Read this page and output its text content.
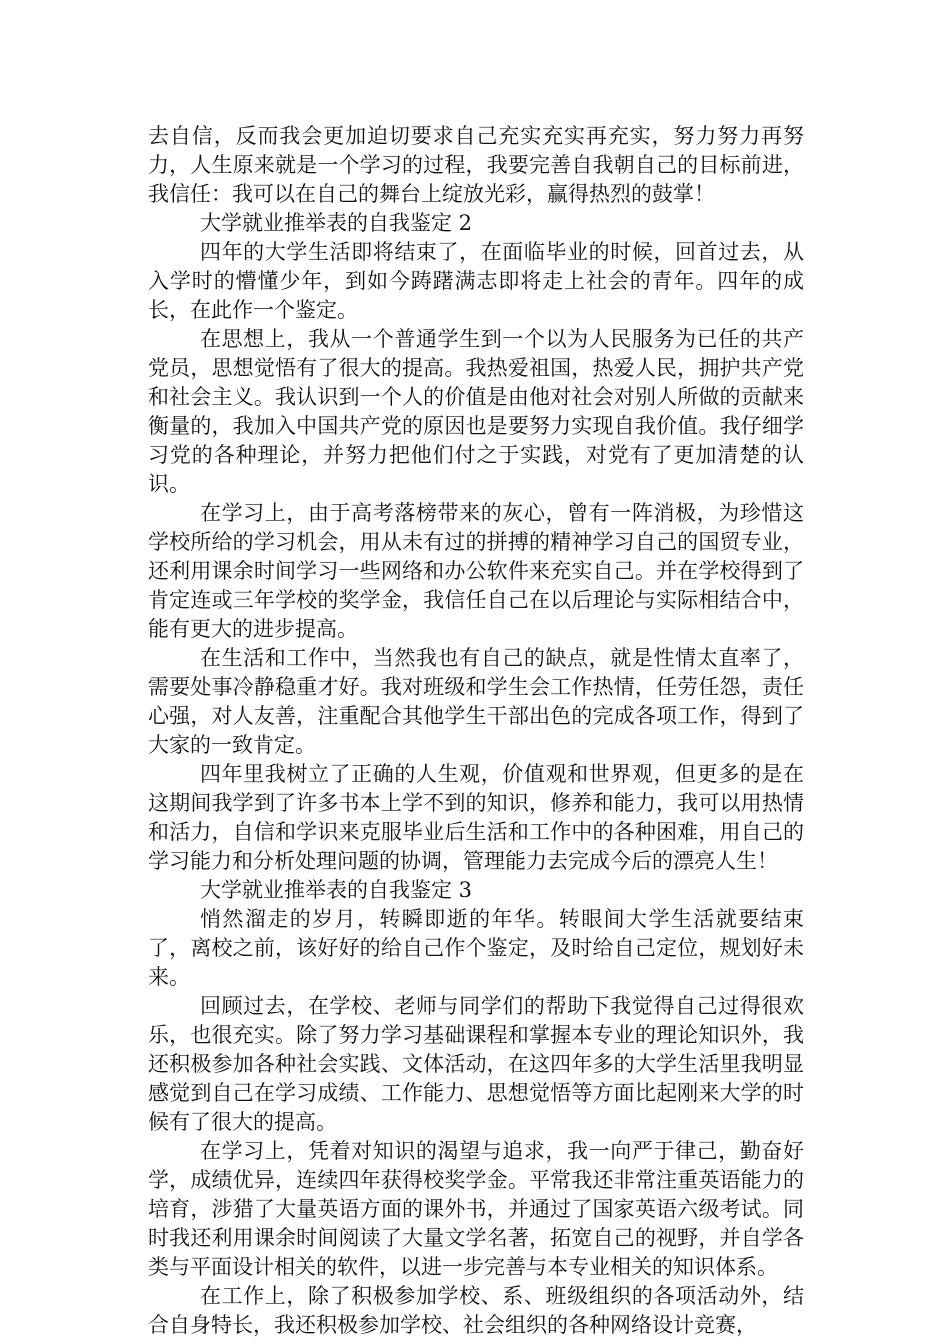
去自信，反而我会更加迫切要求自己充实充实再充实，努力努力再努力，人生原来就是一个学习的过程，我要完善自我朝自己的目标前进，我信任：我可以在自己的舞台上绽放光彩，赢得热烈的鼓掌！

大学就业推举表的自我鉴定 2

四年的大学生活即将结束了，在面临毕业的时候，回首过去，从入学时的懵懂少年，到如今踌躇满志即将走上社会的青年。四年的成长，在此作一个鉴定。

在思想上，我从一个普通学生到一个以为人民服务为已任的共产党员，思想觉悟有了很大的提高。我热爱祖国，热爱人民，拥护共产党和社会主义。我认识到一个人的价值是由他对社会对别人所做的贡献来衡量的，我加入中国共产党的原因也是要努力实现自我价值。我仔细学习党的各种理论，并努力把他们付之于实践，对党有了更加清楚的认识。

在学习上，由于高考落榜带来的灰心，曾有一阵消极，为珍惜这学校所给的学习机会，用从未有过的拼搏的精神学习自己的国贸专业，还利用课余时间学习一些网络和办公软件来充实自己。并在学校得到了肯定连或三年学校的奖学金，我信任自己在以后理论与实际相结合中，能有更大的进步提高。

在生活和工作中，当然我也有自己的缺点，就是性情太直率了，需要处事冷静稳重才好。我对班级和学生会工作热情，任劳任怨，责任心强，对人友善，注重配合其他学生干部出色的完成各项工作，得到了大家的一致肯定。

四年里我树立了正确的人生观，价值观和世界观，但更多的是在这期间我学到了许多书本上学不到的知识，修养和能力，我可以用热情和活力，自信和学识来克服毕业后生活和工作中的各种困难，用自己的学习能力和分析处理问题的协调，管理能力去完成今后的漂亮人生！

大学就业推举表的自我鉴定 3

悄然溜走的岁月，转瞬即逝的年华。转眼间大学生活就要结束了，离校之前，该好好的给自己作个鉴定，及时给自己定位，规划好未来。

回顾过去，在学校、老师与同学们的帮助下我觉得自己过得很欢乐，也很充实。除了努力学习基础课程和掌握本专业的理论知识外，我还积极参加各种社会实践、文体活动，在这四年多的大学生活里我明显感觉到自己在学习成绩、工作能力、思想觉悟等方面比起刚来大学的时候有了很大的提高。

在学习上，凭着对知识的渴望与追求，我一向严于律己，勤奋好学，成绩优异，连续四年获得校奖学金。平常我还非常注重英语能力的培育，涉猎了大量英语方面的课外书，并通过了国家英语六级考试。同时我还利用课余时间阅读了大量文学名著，拓宽自己的视野，并自学各类与平面设计相关的软件，以进一步完善与本专业相关的知识体系。

在工作上，除了积极参加学校、系、班级组织的各项活动外，结合自身特长，我还积极参加学校、社会组织的各种网络设计竞赛，
